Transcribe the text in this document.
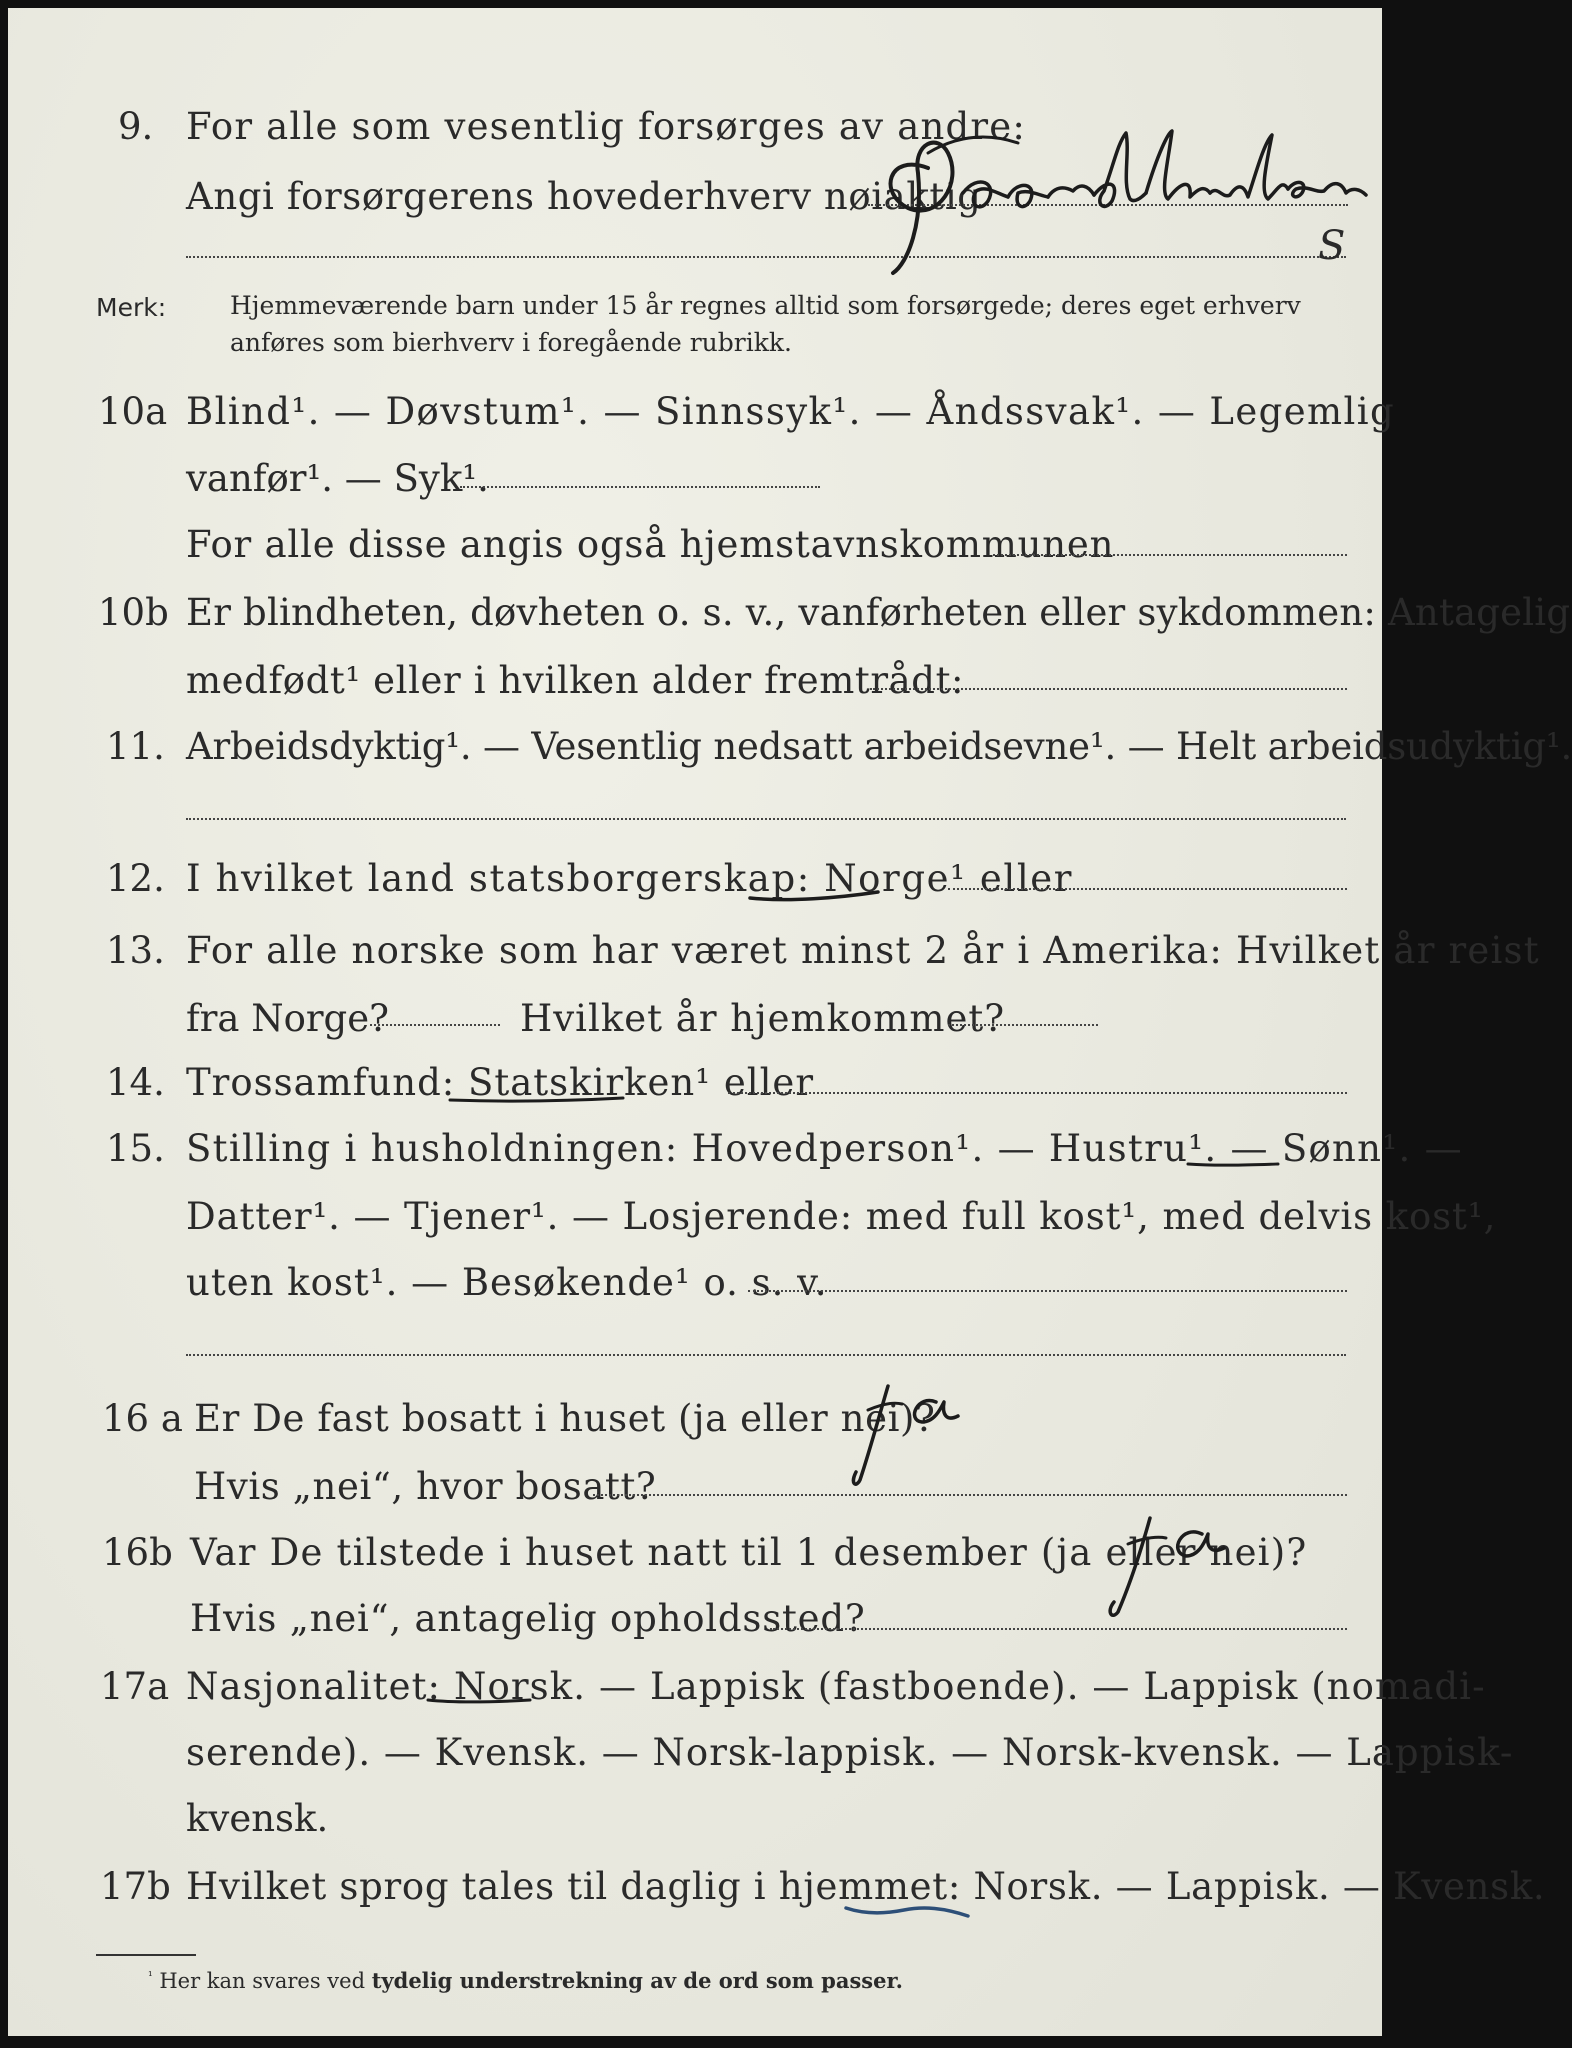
9. For alle som vesentlig forsørges av andre:
Angi forsørgerens hovederhverv nøiaktig
S
Merk:	Hjemmeværende barn under 15 år regnes alltid som forsørgede; deres eget erhverv
anføres som bierhverv i foregående rubrikk.
10a Blind¹. — Døvstum¹. — Sinnssyk¹. — Åndssvak¹. — Legemlig
vanfør¹. — Syk¹.
For alle disse angis også hjemstavnskommunen
10b Er blindheten, døvheten o. s. v., vanførheten eller sykdommen: Antagelig
medfødt¹ eller i hvilken alder fremtrådt:
11. Arbeidsdyktig¹. — Vesentlig nedsatt arbeidsevne¹. — Helt arbeidsudyktig¹.
12. I hvilket land statsborgerskap: Norge¹ eller
13. For alle norske som har været minst 2 år i Amerika: Hvilket år reist
fra Norge?	Hvilket år hjemkommet?
14. Trossamfund: Statskirken¹ eller
15. Stilling i husholdningen: Hovedperson¹. — Hustru¹. — Sønn¹. —
Datter¹. — Tjener¹. — Losjerende: med full kost¹, med delvis kost¹,
uten kost¹. — Besøkende¹ o. s. v.
16 a Er De fast bosatt i huset (ja eller nei)?
Hvis „nei“, hvor bosatt?
16b Var De tilstede i huset natt til 1 desember (ja eller nei)?
Hvis „nei“, antagelig opholdssted?
17a Nasjonalitet: Norsk. — Lappisk (fastboende). — Lappisk (nomadi-
serende). — Kvensk. — Norsk-lappisk. — Norsk-kvensk. — Lappisk-
kvensk.
17b Hvilket sprog tales til daglig i hjemmet: Norsk. — Lappisk. — Kvensk.
$^{^1}$ Her kan svares ved tydelig understrekning av de ord som passer.
